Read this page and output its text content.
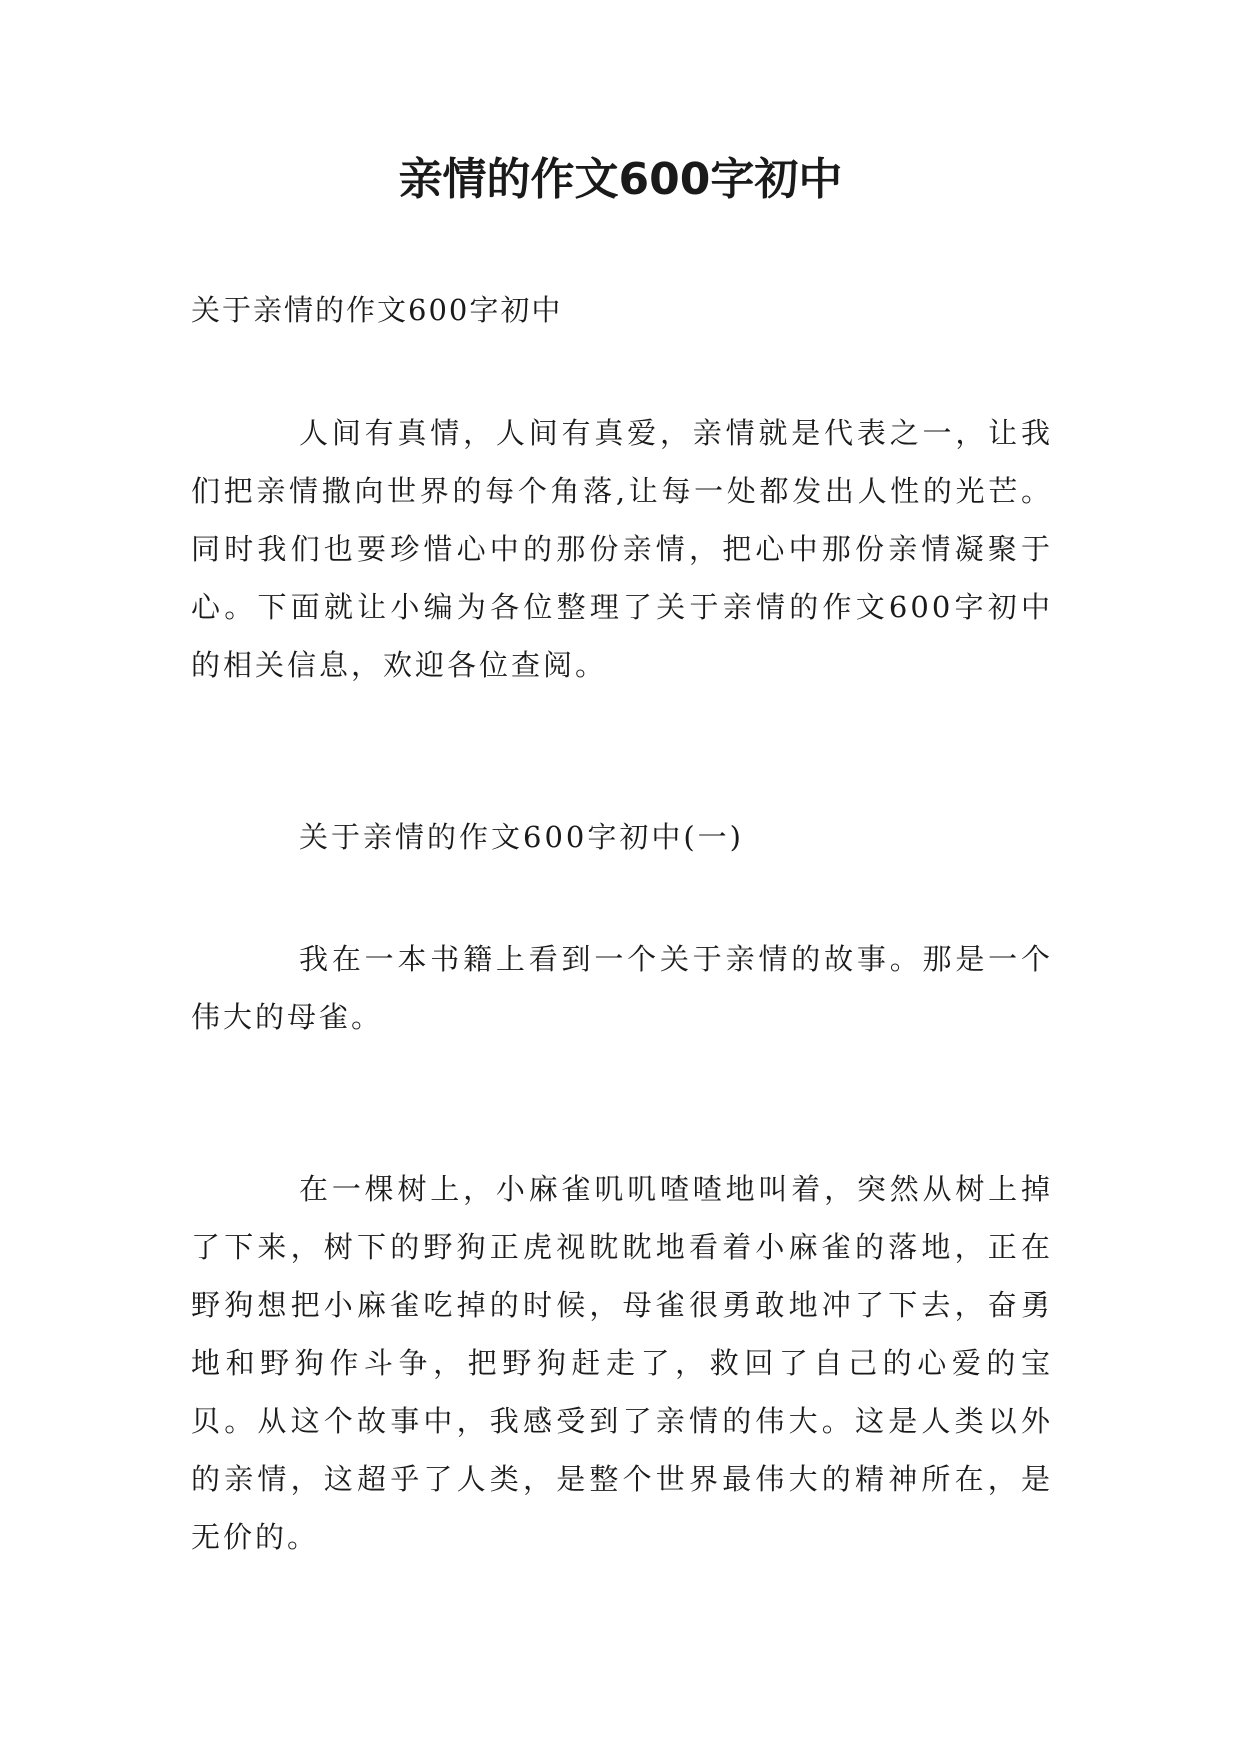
亲情的作文600字初中

关于亲情的作文600字初中

人间有真情，人间有真爱，亲情就是代表之一，让我们把亲情撒向世界的每个角落,让每一处都发出人性的光芒。同时我们也要珍惜心中的那份亲情，把心中那份亲情凝聚于心。下面就让小编为各位整理了关于亲情的作文600字初中的相关信息，欢迎各位查阅。

关于亲情的作文600字初中(一)

我在一本书籍上看到一个关于亲情的故事。那是一个伟大的母雀。

在一棵树上，小麻雀叽叽喳喳地叫着，突然从树上掉了下来，树下的野狗正虎视眈眈地看着小麻雀的落地，正在野狗想把小麻雀吃掉的时候，母雀很勇敢地冲了下去，奋勇地和野狗作斗争，把野狗赶走了，救回了自己的心爱的宝贝。从这个故事中，我感受到了亲情的伟大。这是人类以外的亲情，这超乎了人类，是整个世界最伟大的精神所在，是无价的。
